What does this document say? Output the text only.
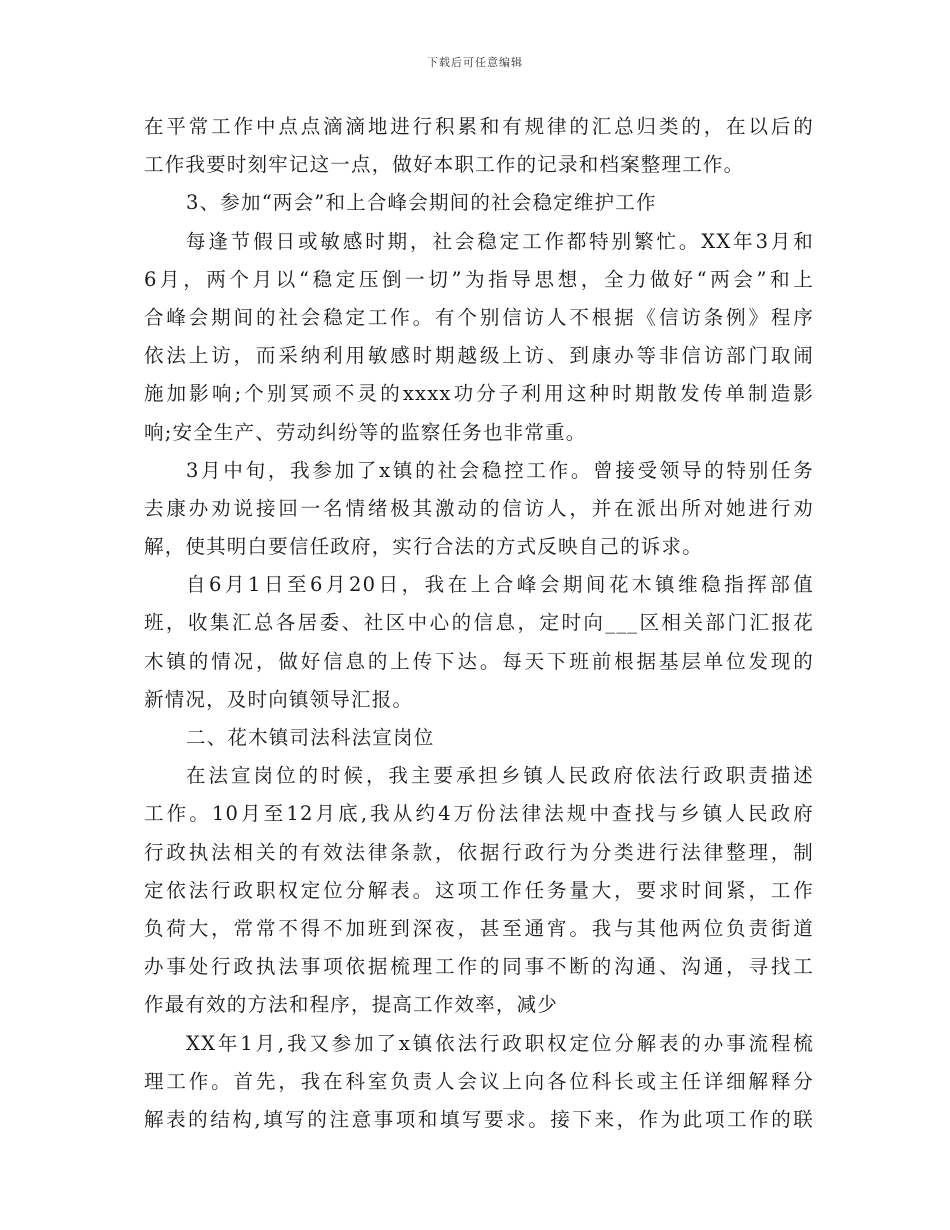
下载后可任意编辑
在平常工作中点点滴滴地进行积累和有规律的汇总归类的，在以后的
工作我要时刻牢记这一点，做好本职工作的记录和档案整理工作。
3、参加“两会”和上合峰会期间的社会稳定维护工作
每逢节假日或敏感时期，社会稳定工作都特别繁忙。XX年3月和
6月，两个月以“稳定压倒一切”为指导思想，全力做好“两会”和上
合峰会期间的社会稳定工作。有个别信访人不根据《信访条例》程序
依法上访，而采纳利用敏感时期越级上访、到康办等非信访部门取闹
施加影响;个别冥顽不灵的xxxx功分子利用这种时期散发传单制造影
响;安全生产、劳动纠纷等的监察任务也非常重。
3月中旬，我参加了x镇的社会稳控工作。曾接受领导的特别任务
去康办劝说接回一名情绪极其激动的信访人，并在派出所对她进行劝
解，使其明白要信任政府，实行合法的方式反映自己的诉求。
自6月1日至6月20日，我在上合峰会期间花木镇维稳指挥部值
班，收集汇总各居委、社区中心的信息，定时向___区相关部门汇报花
木镇的情况，做好信息的上传下达。每天下班前根据基层单位发现的
新情况，及时向镇领导汇报。
二、花木镇司法科法宣岗位
在法宣岗位的时候，我主要承担乡镇人民政府依法行政职责描述
工作。10月至12月底,我从约4万份法律法规中查找与乡镇人民政府
行政执法相关的有效法律条款，依据行政行为分类进行法律整理，制
定依法行政职权定位分解表。这项工作任务量大，要求时间紧，工作
负荷大，常常不得不加班到深夜，甚至通宵。我与其他两位负责街道
办事处行政执法事项依据梳理工作的同事不断的沟通、沟通，寻找工
作最有效的方法和程序，提高工作效率，减少
XX年1月,我又参加了x镇依法行政职权定位分解表的办事流程梳
理工作。首先，我在科室负责人会议上向各位科长或主任详细解释分
解表的结构,填写的注意事项和填写要求。接下来，作为此项工作的联
